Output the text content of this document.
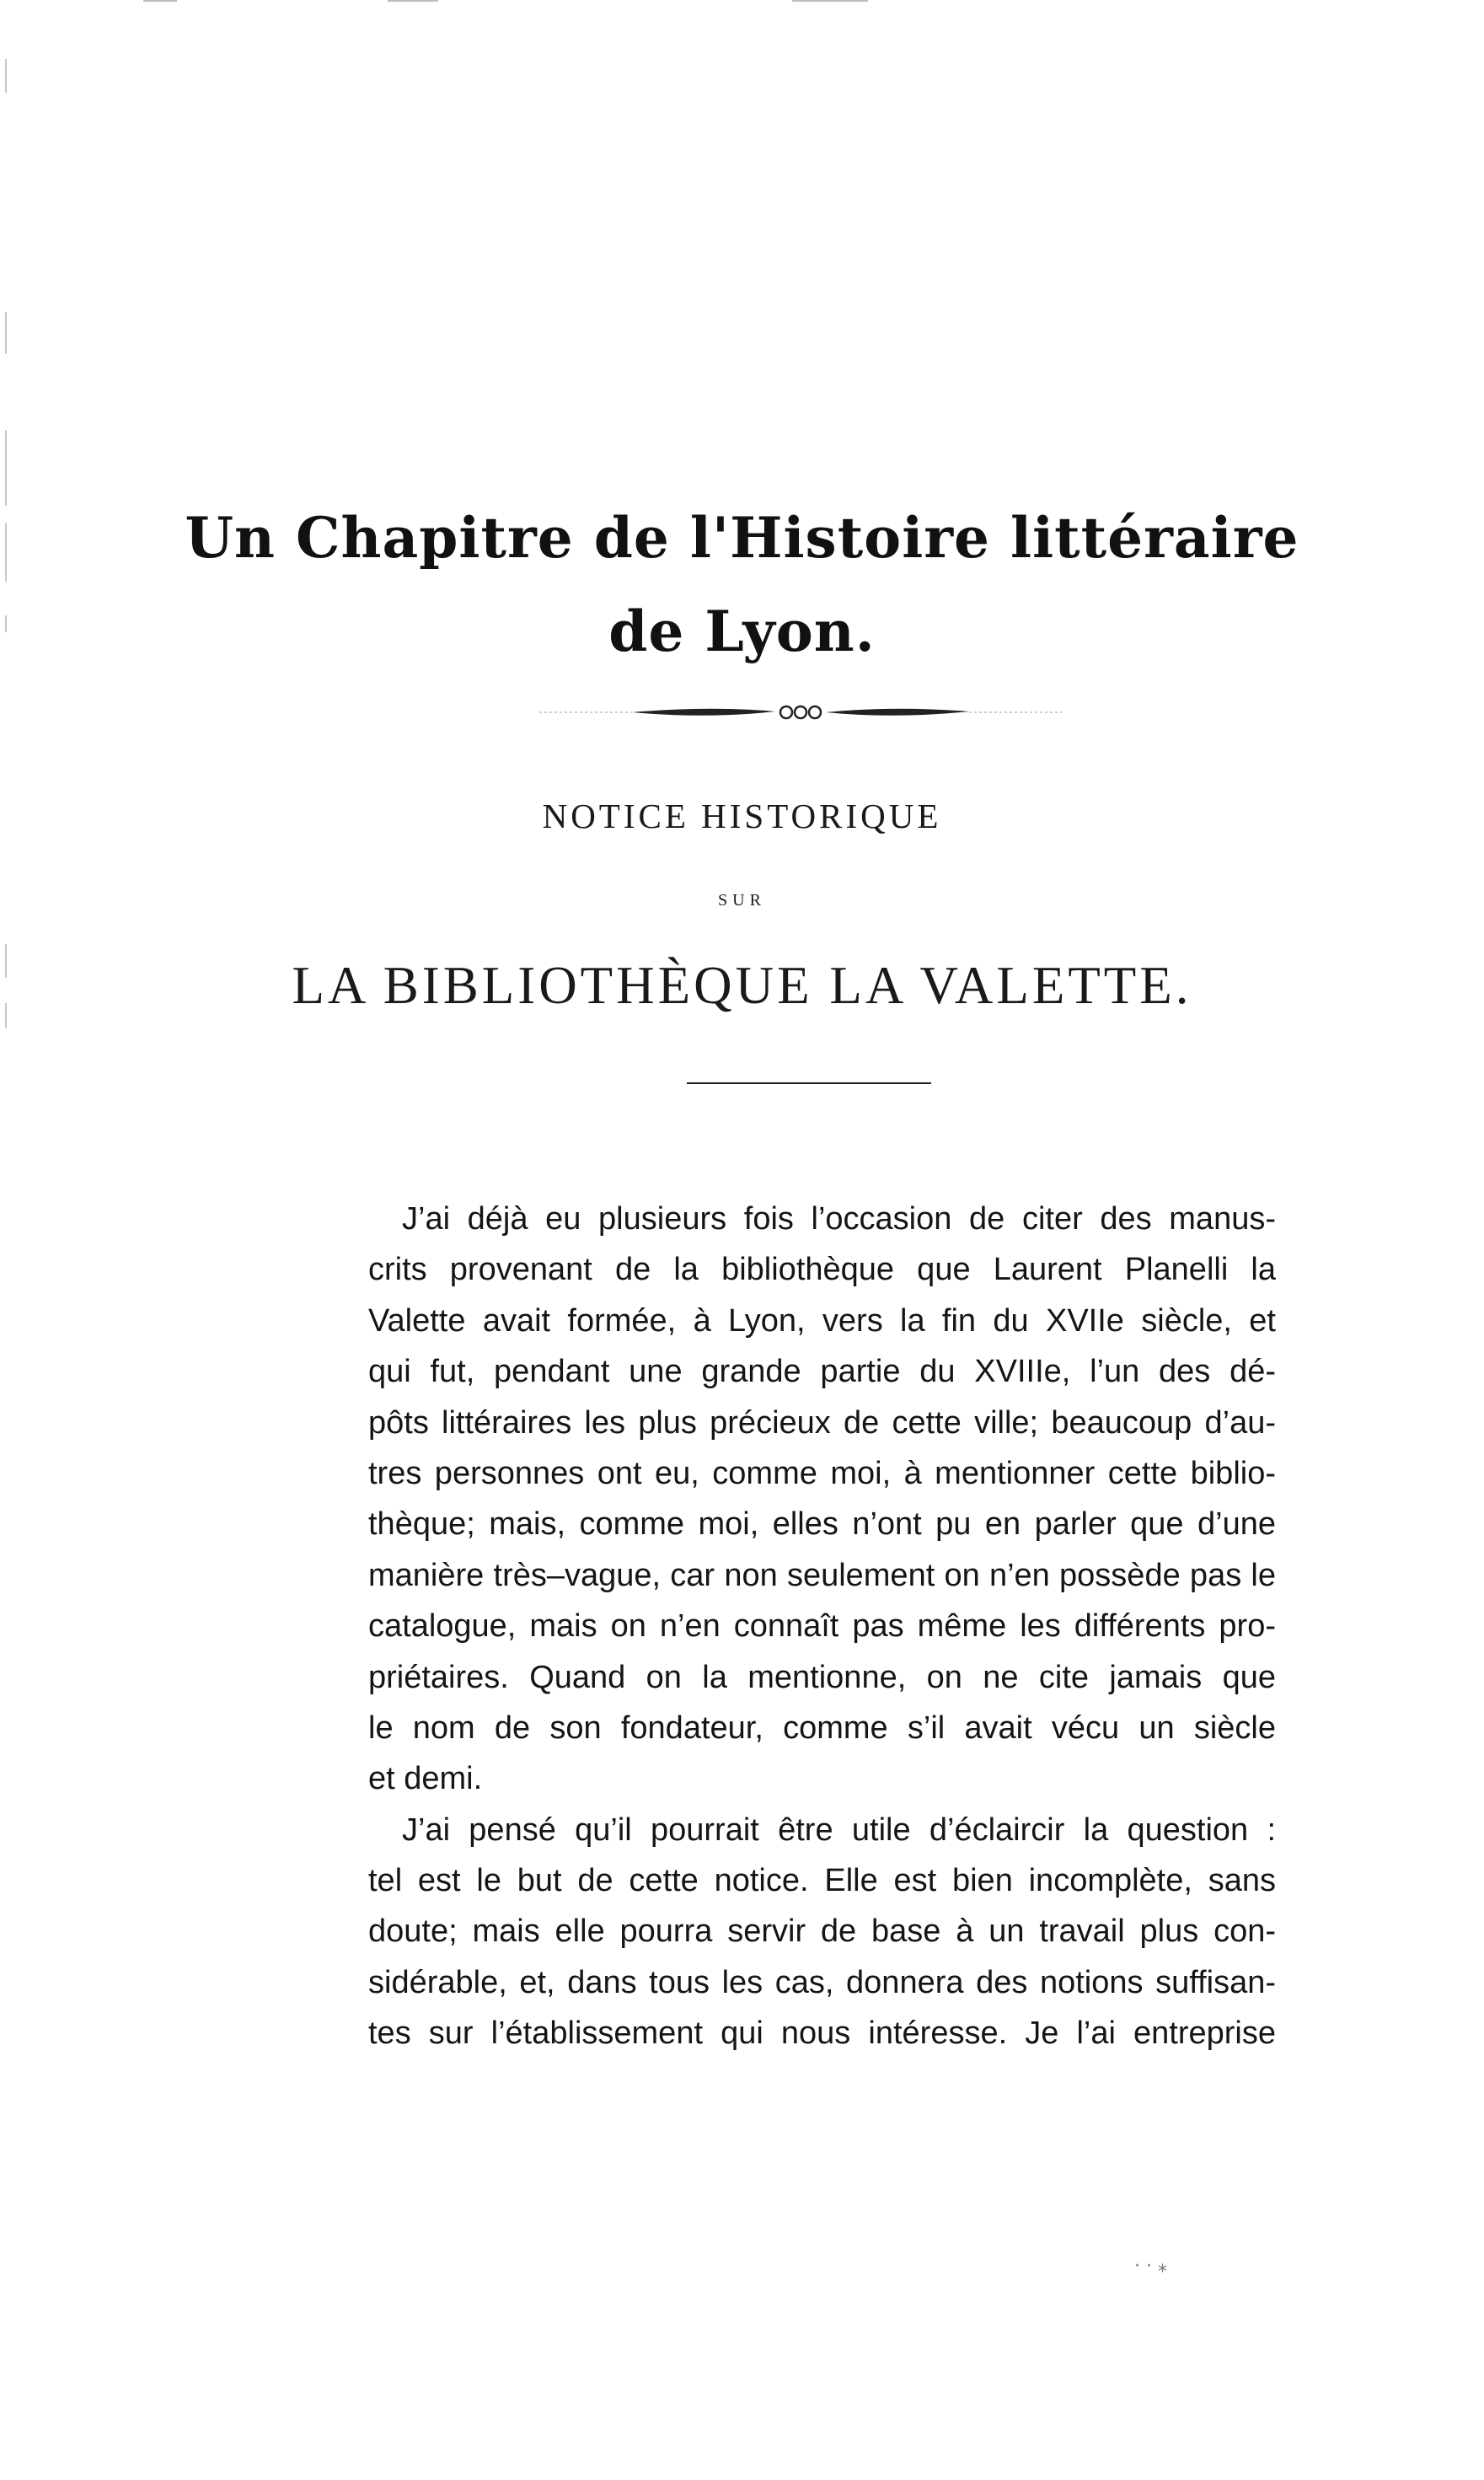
Un Chapitre de l'Histoire littéraire
de Lyon.
NOTICE HISTORIQUE
SUR
LA BIBLIOTHÈQUE LA VALETTE.
J’ai déjà eu plusieurs fois l’occasion de citer des manus-
crits provenant de la bibliothèque que Laurent Planelli la
Valette avait formée, à Lyon, vers la fin du XVIIe siècle, et
qui fut, pendant une grande partie du XVIIIe, l’un des dé-
pôts littéraires les plus précieux de cette ville; beaucoup d’au-
tres personnes ont eu, comme moi, à mentionner cette biblio-
thèque; mais, comme moi, elles n’ont pu en parler que d’une
manière très–vague, car non seulement on n’en possède pas le
catalogue, mais on n’en connaît pas même les différents pro-
priétaires. Quand on la mentionne, on ne cite jamais que
le nom de son fondateur, comme s’il avait vécu un siècle
et demi.
J’ai pensé qu’il pourrait être utile d’éclaircir la question :
tel est le but de cette notice. Elle est bien incomplète, sans
doute; mais elle pourra servir de base à un travail plus con-
sidérable, et, dans tous les cas, donnera des notions suffisan-
tes sur l’établissement qui nous intéresse. Je l’ai entreprise
· · ⁎
